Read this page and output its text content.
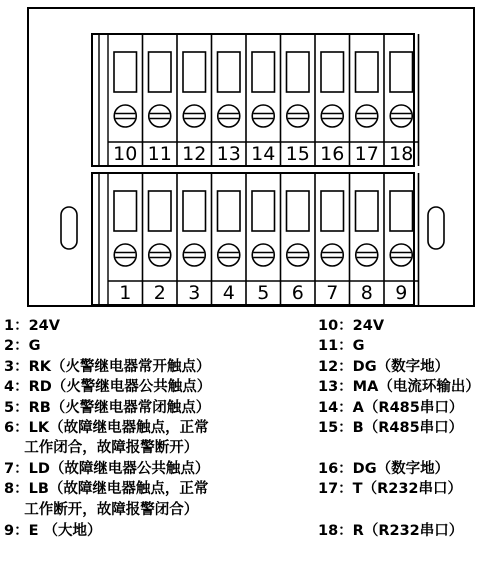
10 11 12 13 14 15 16 17 18
1 2 3 4 5 6 7 8 9
1：24V
2：G
3：RK（火警继电器常开触点）
4：RD（火警继电器公共触点）
5：RB（火警继电器常闭触点）
6：LK（故障继电器触点，正常
工作闭合，故障报警断开）
7：LD（故障继电器公共触点）
8：LB（故障继电器触点，正常
工作断开，故障报警闭合）
9：E （大地）
10：24V
11：G
12：DG（数字地）
13：MA（电流环输出）
14：A（R485串口）
15：B（R485串口）
16：DG（数字地）
17：T（R232串口）
18：R（R232串口）
